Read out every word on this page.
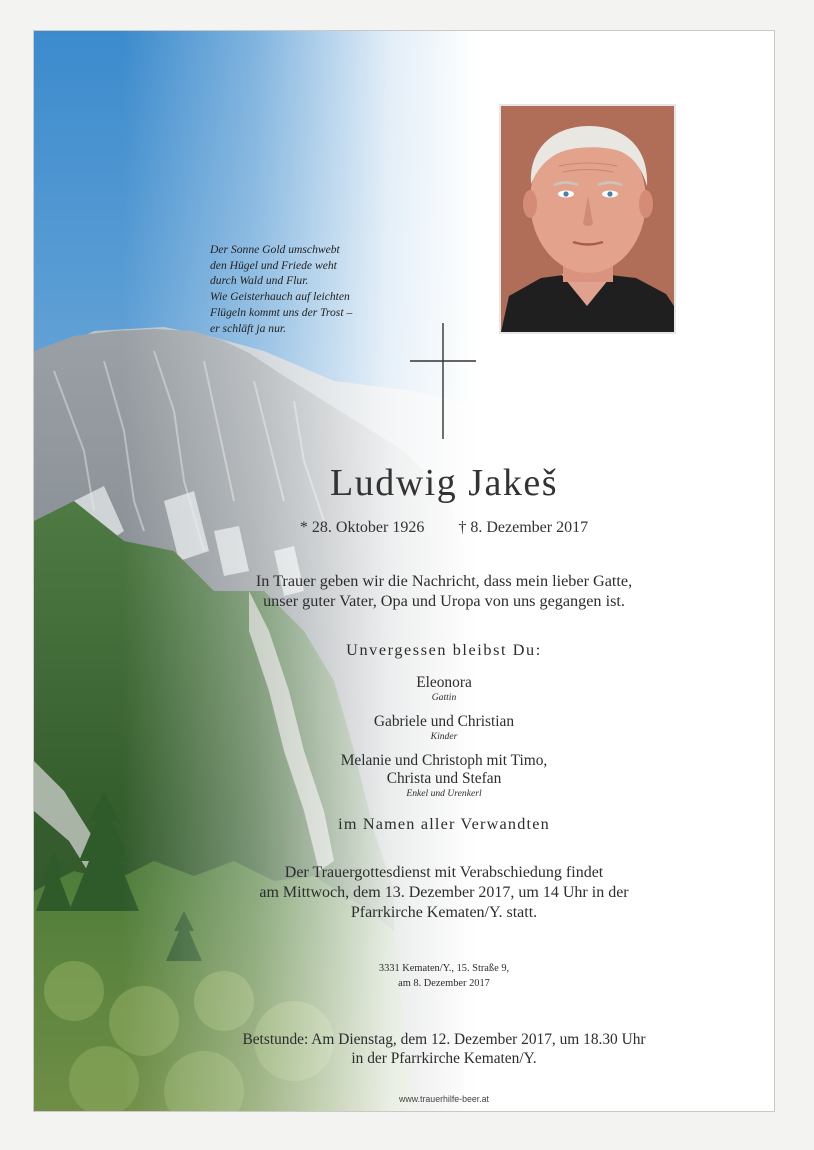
Der Sonne Gold umschwebt
den Hügel und Friede weht
durch Wald und Flur.
Wie Geisterhauch auf leichten
Flügeln kommt uns der Trost –
er schläft ja nur.
Ludwig Jakeš
* 28. Oktober 1926 † 8. Dezember 2017
In Trauer geben wir die Nachricht, dass mein lieber Gatte,
unser guter Vater, Opa und Uropa von uns gegangen ist.
Unvergessen bleibst Du:
Eleonora
Gattin
Gabriele und Christian
Kinder
Melanie und Christoph mit Timo,
Christa und Stefan
Enkel und Urenkerl
im Namen aller Verwandten
Der Trauergottesdienst mit Verabschiedung findet
am Mittwoch, dem 13. Dezember 2017, um 14 Uhr in der
Pfarrkirche Kematen/Y. statt.
3331 Kematen/Y., 15. Straße 9,
am 8. Dezember 2017
Betstunde: Am Dienstag, dem 12. Dezember 2017, um 18.30 Uhr
in der Pfarrkirche Kematen/Y.
www.trauerhilfe-beer.at
